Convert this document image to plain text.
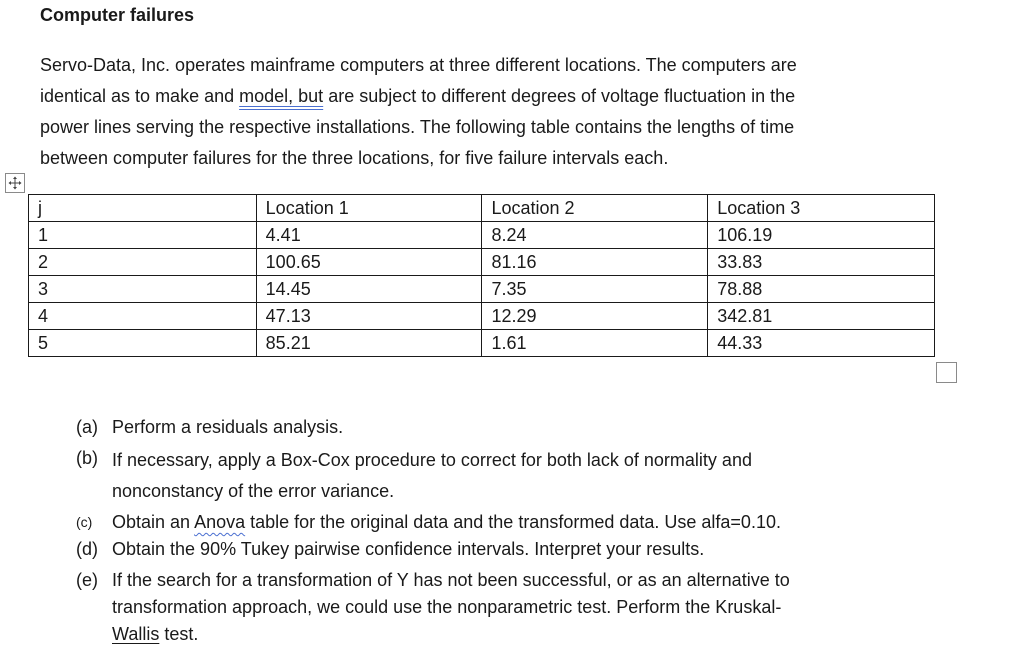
Computer failures

Servo-Data, Inc. operates mainframe computers at three different locations. The computers are

identical as to make and model, but are subject to different degrees of voltage fluctuation in the

power lines serving the respective installations. The following table contains the lengths of time

between computer failures for the three locations, for five failure intervals each.

j	Location 1	Location 2	Location 3
1	4.41	8.24	106.19
2	100.65	81.16	33.83
3	14.45	7.35	78.88
4	47.13	12.29	342.81
5	85.21	1.61	44.33
(a) Perform a residuals analysis.
(b) If necessary, apply a Box-Cox procedure to correct for both lack of normality and
nonconstancy of the error variance.
(c)	Obtain an Anova table for the original data and the transformed data. Use alfa=0.10.
(d) Obtain the 90% Tukey pairwise confidence intervals. Interpret your results.
(e) If the search for a transformation of Y has not been successful, or as an alternative to
transformation approach, we could use the nonparametric test. Perform the Kruskal-
Wallis test.
